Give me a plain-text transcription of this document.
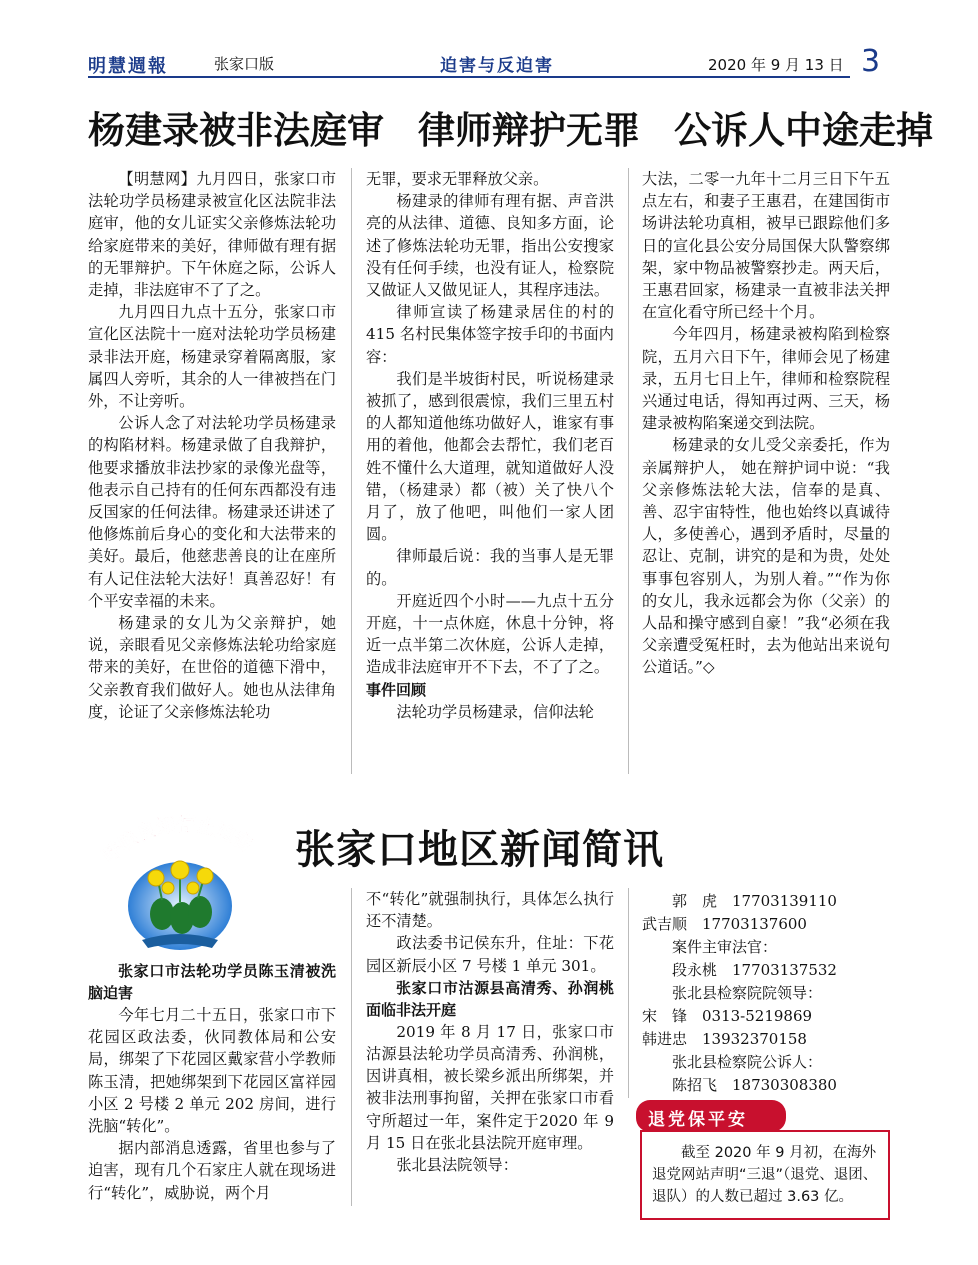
明慧週報	张家口版	迫害与反迫害	2020 年 9 月 13 日 3
杨建录被非法庭审 律师辩护无罪 公诉人中途走掉

【明慧网】九月四日，张家口市法轮功学员杨建录被宣化区法院非法庭审，他的女儿证实父亲修炼法轮功给家庭带来的美好，律师做有理有据的无罪辩护。下午休庭之际，公诉人走掉，非法庭审不了了之。

九月四日九点十五分，张家口市宣化区法院十一庭对法轮功学员杨建录非法开庭，杨建录穿着隔离服，家属四人旁听，其余的人一律被挡在门外，不让旁听。

公诉人念了对法轮功学员杨建录的构陷材料。杨建录做了自我辩护，他要求播放非法抄家的录像光盘等，他表示自己持有的任何东西都没有违反国家的任何法律。杨建录还讲述了他修炼前后身心的变化和大法带来的美好。最后，他慈悲善良的让在座所有人记住法轮大法好！真善忍好！有个平安幸福的未来。

杨建录的女儿为父亲辩护，她说，亲眼看见父亲修炼法轮功给家庭带来的美好，在世俗的道德下滑中，父亲教育我们做好人。她也从法律角度，论证了父亲修炼法轮功

无罪，要求无罪释放父亲。

杨建录的律师有理有据、声音洪亮的从法律、道德、良知多方面，论述了修炼法轮功无罪，指出公安搜家没有任何手续，也没有证人，检察院又做证人又做见证人，其程序违法。

律师宣读了杨建录居住的村的415 名村民集体签字按手印的书面内容：

我们是半坡街村民，听说杨建录被抓了，感到很震惊，我们三里五村的人都知道他练功做好人，谁家有事用的着他，他都会去帮忙，我们老百姓不懂什么大道理，就知道做好人没错，（杨建录）都（被）关了快八个月了，放了他吧，叫他们一家人团圆。

律师最后说：我的当事人是无罪的。

开庭近四个小时——九点十五分开庭，十一点休庭，休息十分钟，将近一点半第二次休庭，公诉人走掉，造成非法庭审开不下去，不了了之。

事件回顾

法轮功学员杨建录，信仰法轮

大法，二零一九年十二月三日下午五点左右，和妻子王惠君，在建国街市场讲法轮功真相，被早已跟踪他们多日的宣化县公安分局国保大队警察绑架，家中物品被警察抄走。两天后，王惠君回家，杨建录一直被非法关押在宣化看守所已经十个月。

今年四月，杨建录被构陷到检察院，五月六日下午，律师会见了杨建录，五月七日上午，律师和检察院程兴通过电话，得知再过两、三天，杨建录被构陷案递交到法院。

杨建录的女儿受父亲委托，作为亲属辩护人， 她在辩护词中说：“我父亲修炼法轮大法，信奉的是真、善、忍宇宙特性，他也始终以真诚待人，多使善心，遇到矛盾时，尽量的忍让、克制，讲究的是和为贵，处处事事包容别人，为别人着。”“作为你的女儿，我永远都会为你（父亲）的人品和操守感到自豪！”我“必须在我父亲遭受冤枉时，去为他站出来说句公道话。”◇

呼唤良知停止迫害 张家口地区新闻简讯

张家口市法轮功学员陈玉清被洗脑迫害

今年七月二十五日，张家口市下花园区政法委，伙同教体局和公安局，绑架了下花园区戴家营小学教师陈玉清，把她绑架到下花园区富祥园小区 2 号楼 2 单元 202 房间，进行洗脑“转化”。

据内部消息透露，省里也参与了迫害，现有几个石家庄人就在现场进行“转化”，威胁说，两个月

不“转化”就强制执行，具体怎么执行还不清楚。

政法委书记侯东升，住址：下花园区新辰小区 7 号楼 1 单元 301。

张家口市沽源县高清秀、孙润桃面临非法开庭

2019 年 8 月 17 日，张家口市沽源县法轮功学员高清秀、孙润桃，因讲真相，被长梁乡派出所绑架，并被非法刑事拘留，关押在张家口市看守所超过一年，案件定于2020 年 9 月 15 日在张北县法院开庭审理。

张北县法院领导：

　　郭　虎　17703139110
武吉顺　17703137600
　　案件主审法官：
　　段永桃　17703137532
　　张北县检察院院领导：
宋　锋　0313-5219869
韩进忠　13932370158
　　张北县检察院公诉人：
　　陈招飞　18730308380
截至 2020 年 9 月初，在海外退党网站声明“三退”（退党、退团、退队）的人数已超过 3.63 亿。
退党保平安
